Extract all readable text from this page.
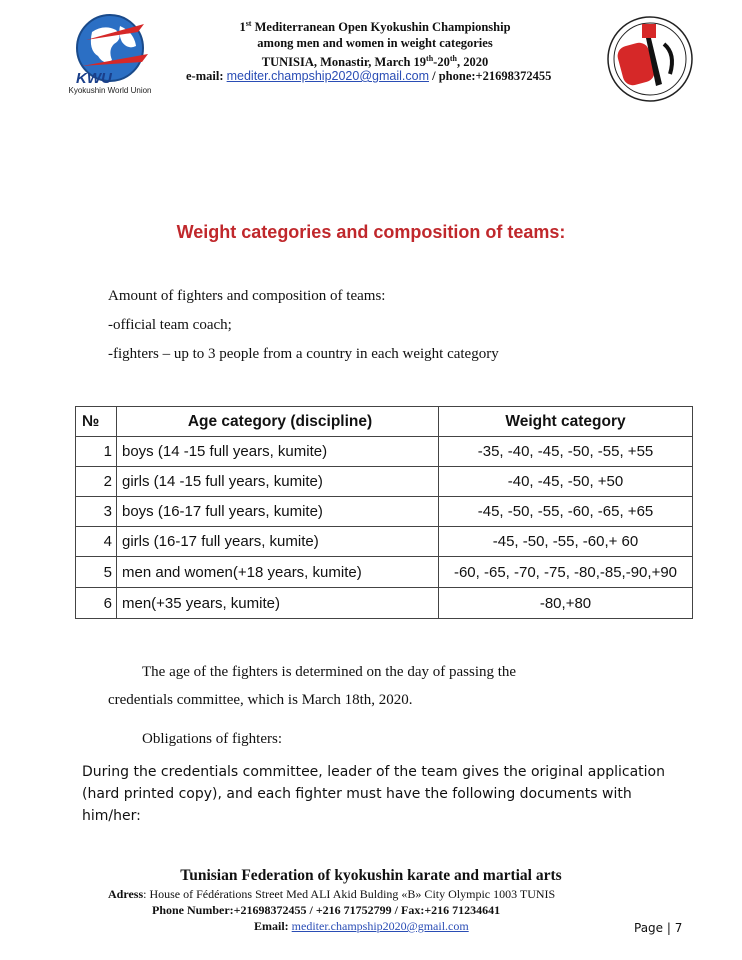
KWU
Kyokushin World Union
1st Mediterranean Open Kyokushin Championship
among men and women in weight categories
TUNISIA, Monastir, March 19th-20th, 2020
e-mail: mediter.champship2020@gmail.com / phone:+21698372455
Weight categories and composition of teams:
Amount of fighters and composition of teams:
-official team coach;
-fighters – up to 3 people from a country in each weight category
№	Age category (discipline)	Weight category
1	boys (14 -15 full years, kumite)	-35, -40, -45, -50, -55, +55
2	girls (14 -15 full years, kumite)	-40, -45, -50, +50
3	boys (16-17 full years, kumite)	-45, -50, -55, -60, -65, +65
4	girls (16-17 full years, kumite)	-45, -50, -55, -60,+ 60
5	men and women(+18 years, kumite)	-60, -65, -70, -75, -80,-85,-90,+90
6	men(+35 years, kumite)	-80,+80
The age of the fighters is determined on the day of passing the
credentials committee, which is March 18th, 2020.
Obligations of fighters:
During the credentials committee, leader of the team gives the original application (hard printed copy), and each fighter must have the following documents with him/her:
Tunisian Federation of kyokushin karate and martial arts
Adress: House of Fédérations Street Med ALI Akid Bulding «B» City Olympic 1003 TUNIS
Phone Number:+21698372455 / +216 71752799 / Fax:+216 71234641
Email: mediter.champship2020@gmail.com	Page | 7
